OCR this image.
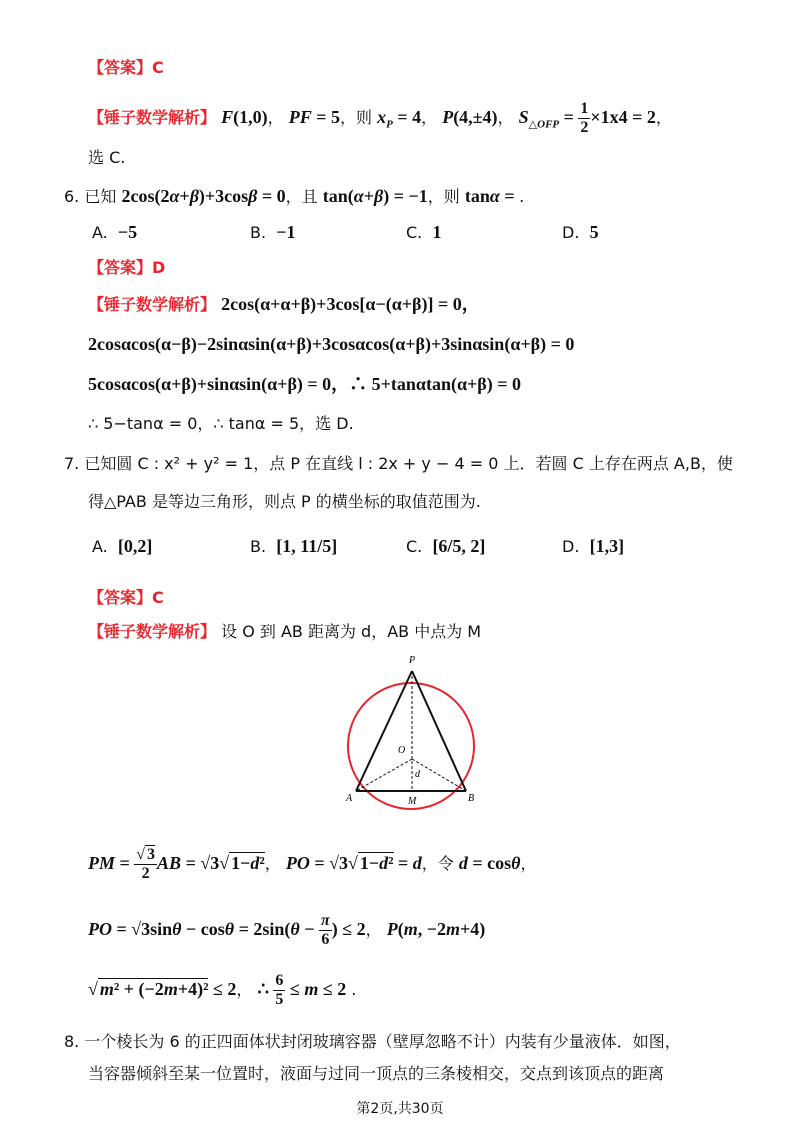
【答案】C
【锤子数学解析】 F(1,0)， PF = 5，则 $x_P = 4$， P(4,±4)， $S_{\triangle OFP} = \frac{1}{2} \times 1x4 = 2$，
选 C.
6. 已知 2cos(2α+β)+3cosβ = 0，且 tan(α+β) = −1，则 tanα = .
A. −5	B. −1	C. 1	D. 5
【答案】D
【锤子数学解析】 2cos(α+α+β)+3cos[α−(α+β)] = 0，
2cosαcos(α−β)−2sinαsin(α+β)+3cosαcos(α+β)+3sinαsin(α+β) = 0
5cosαcos(α+β)+sinαsin(α+β) = 0，∴ 5+tanαtan(α+β) = 0
∴ 5−tanα = 0，∴ tanα = 5，选 D.
7. 已知圆 C : x² + y² = 1，点 P 在直线 l : 2x + y − 4 = 0 上．若圆 C 上存在两点 A,B，使
得△PAB 是等边三角形，则点 P 的横坐标的取值范围为.
A. [0,2]	B. [1, 11/5]	C. [6/5, 2]	D. [1,3]
【答案】C
【锤子数学解析】 设 O 到 AB 距离为 d，AB 中点为 M
P
O
d
A	M	B
PM = $\frac{√ 3}{2}$ AB = √3√ 1−d²， PO = √3√ 1−d² = d，令 d = cosθ，
PO = $√3\sin\theta - \cos\theta = 2\sin(\theta - \frac{\pi}{6}$ ) ≤ 2， P(m, −2m+4)
√ m² + (−2m+4)² ≤ 2， ∴ $\frac{6}{5} \le m \le 2$ .
8. 一个棱长为 6 的正四面体状封闭玻璃容器（壁厚忽略不计）内装有少量液体．如图，
当容器倾斜至某一位置时，液面与过同一顶点的三条棱相交，交点到该顶点的距离
第2页,共30页
